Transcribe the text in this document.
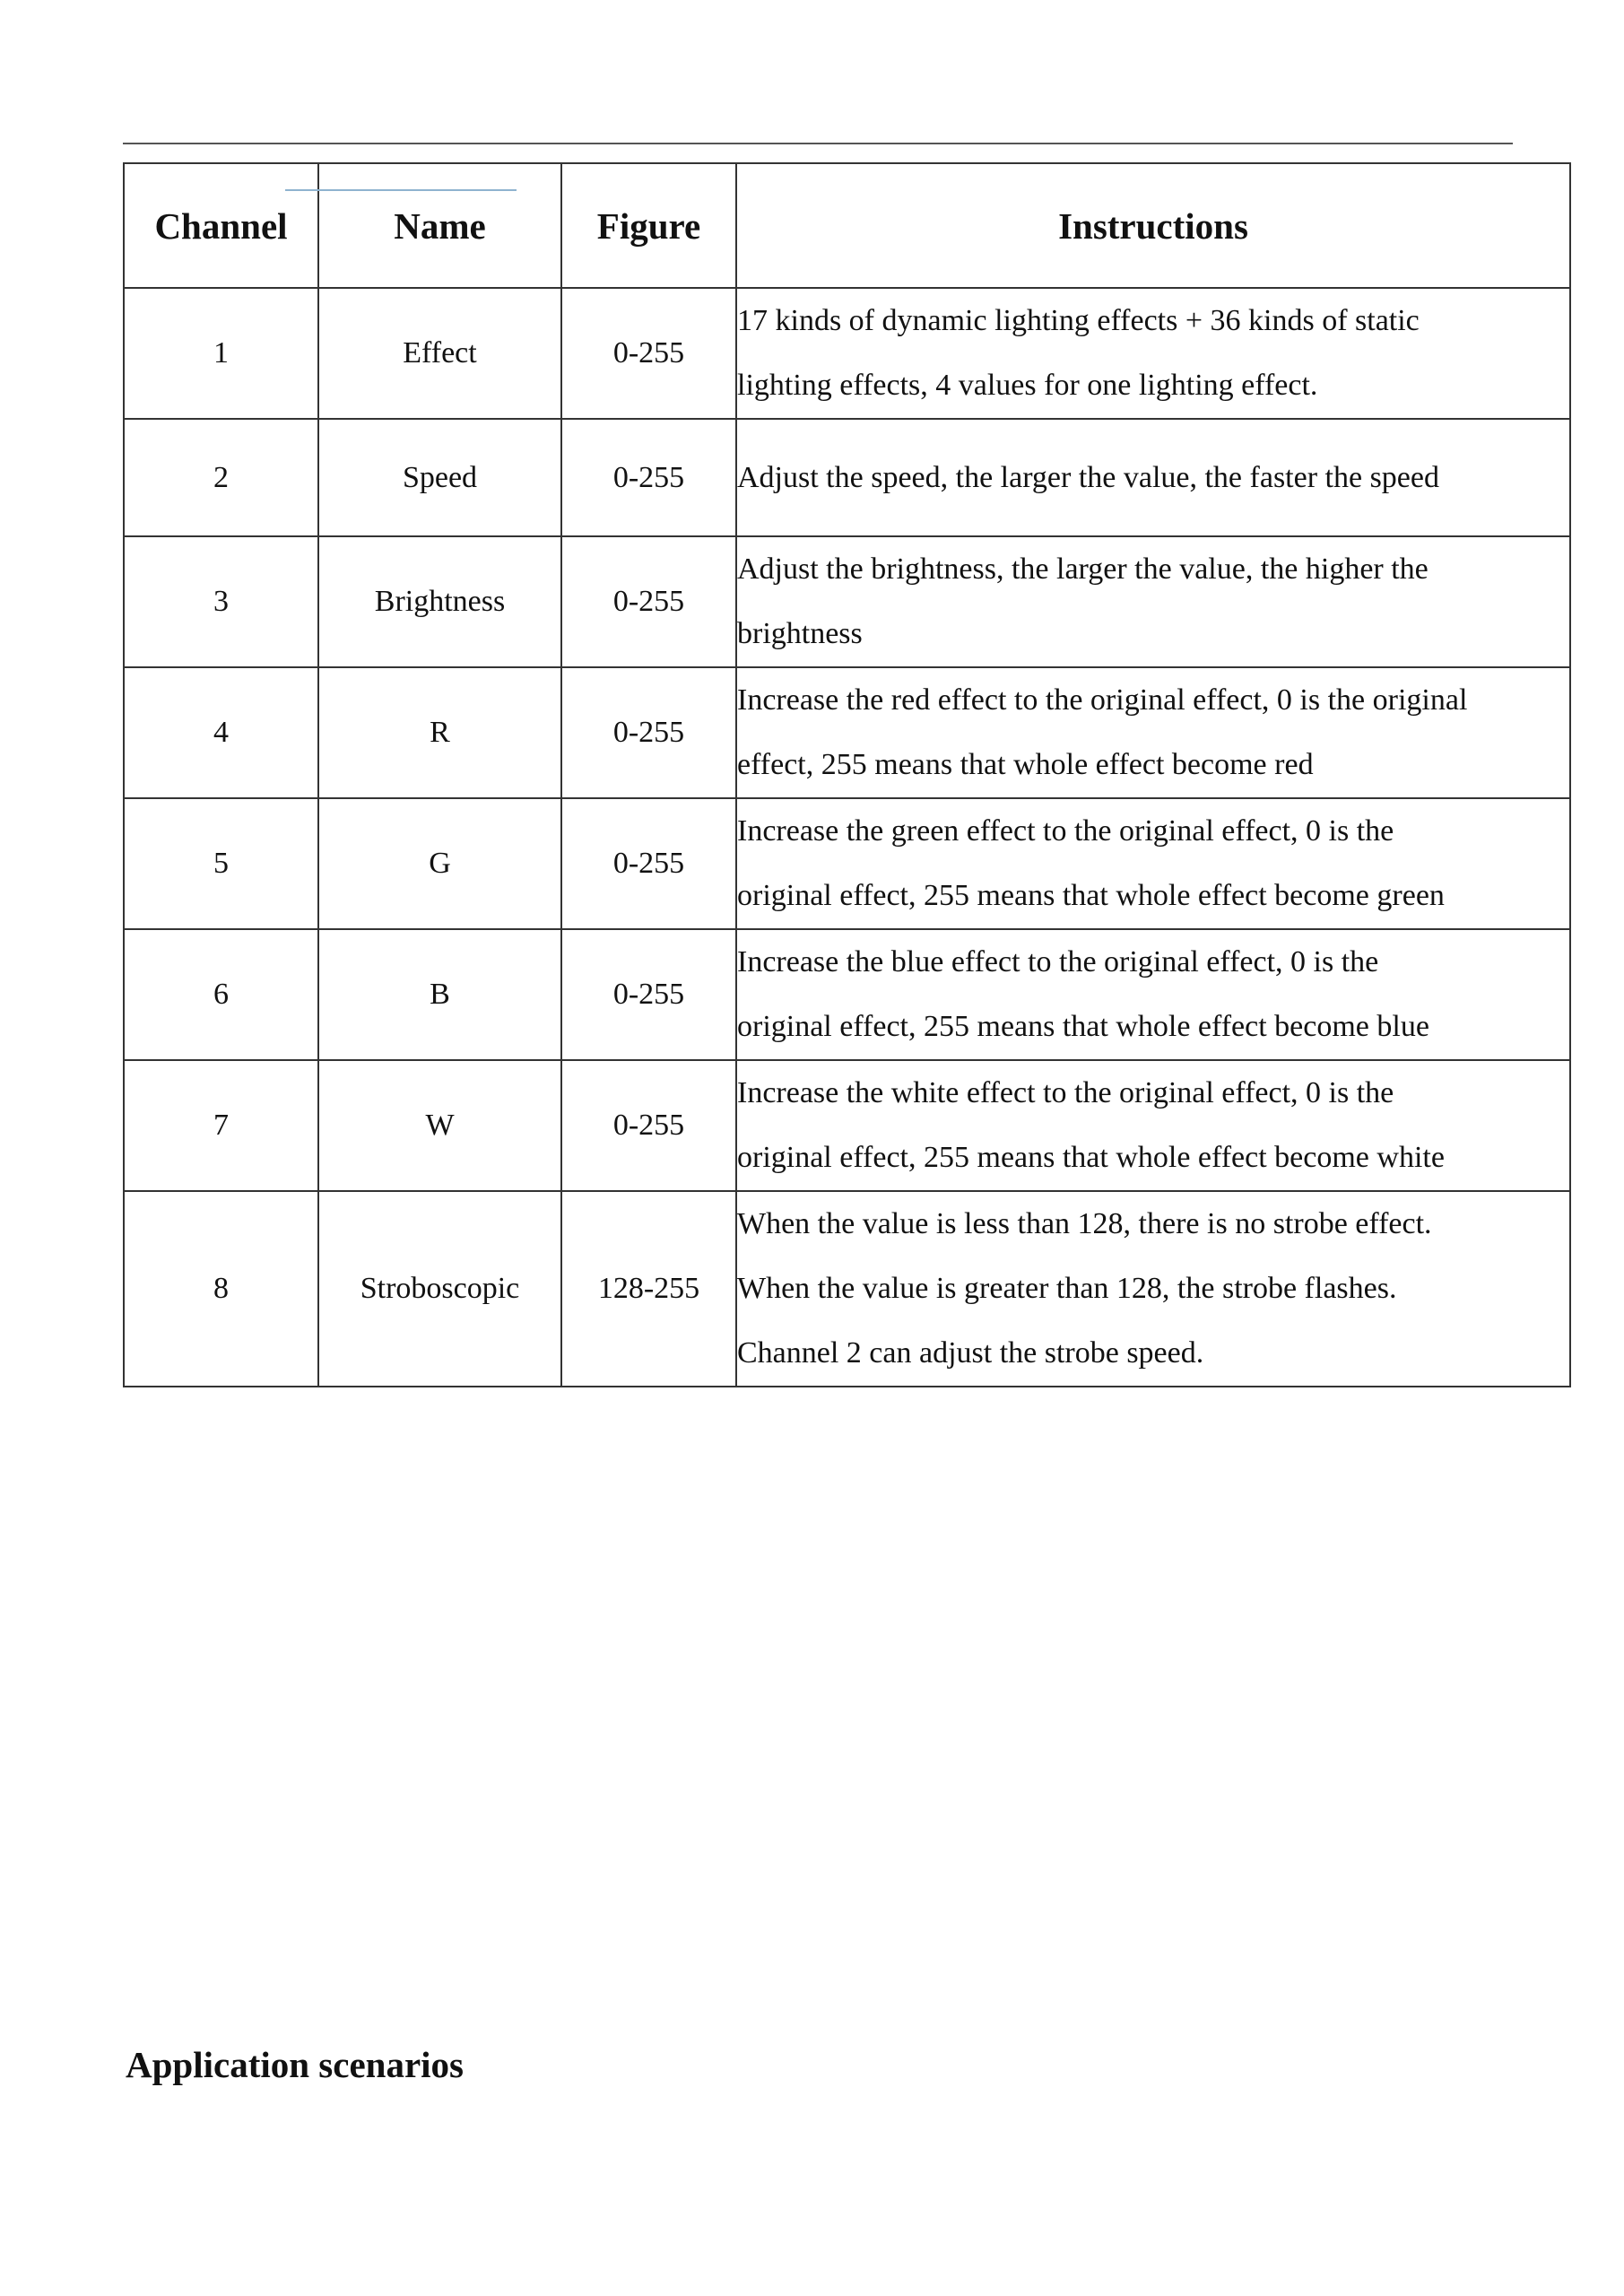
Channel	Name	Figure	Instructions
1	Effect	0-255	17 kinds of dynamic lighting effects + 36 kinds of static
lighting effects, 4 values for one lighting effect.
2	Speed	0-255	Adjust the speed, the larger the value, the faster the speed
3	Brightness	0-255	Adjust the brightness, the larger the value, the higher the
brightness
4	R	0-255	Increase the red effect to the original effect, 0 is the original
effect, 255 means that whole effect become red
5	G	0-255	Increase the green effect to the original effect, 0 is the
original effect, 255 means that whole effect become green
6	B	0-255	Increase the blue effect to the original effect, 0 is the
original effect, 255 means that whole effect become blue
7	W	0-255	Increase the white effect to the original effect, 0 is the
original effect, 255 means that whole effect become white
8	Stroboscopic	128-255	When the value is less than 128, there is no strobe effect.
When the value is greater than 128, the strobe flashes.
Channel 2 can adjust the strobe speed.
Application scenarios
